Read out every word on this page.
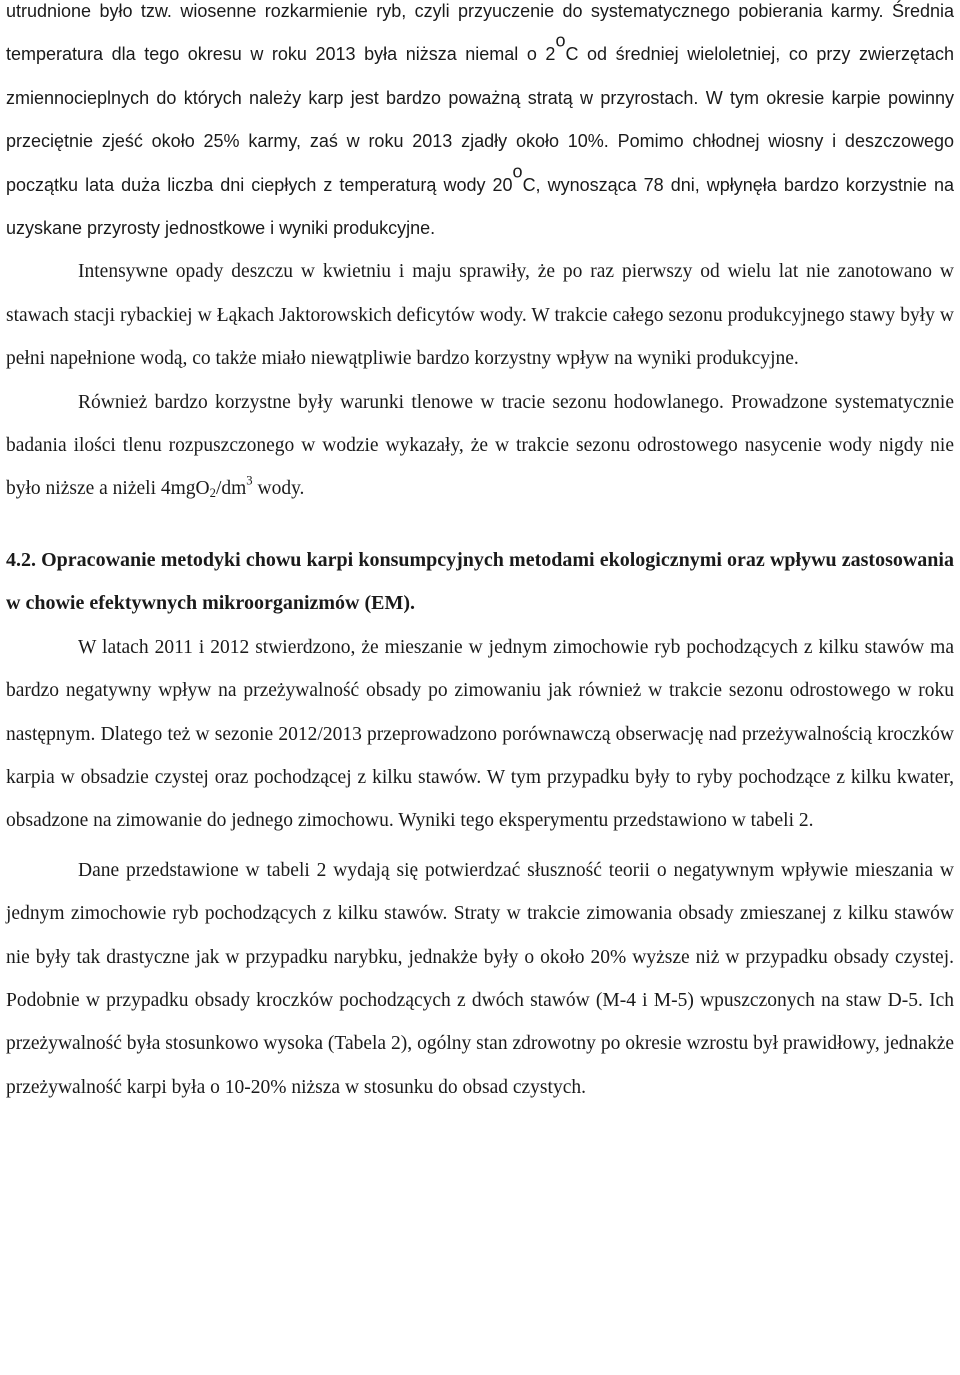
utrudnione było tzw. wiosenne rozkarmienie ryb, czyli przyuczenie do systematycznego pobierania karmy. Średnia temperatura dla tego okresu w roku 2013 była niższa niemal o 2$^o$C od średniej wieloletniej, co przy zwierzętach zmiennocieplnych do których należy karp jest bardzo poważną stratą w przyrostach. W tym okresie karpie powinny przeciętnie zjeść około 25% karmy, zaś w roku 2013 zjadły około 10%. Pomimo chłodnej wiosny i deszczowego początku lata duża liczba dni ciepłych z temperaturą wody 20$^o$C, wynosząca 78 dni, wpłynęła bardzo korzystnie na uzyskane przyrosty jednostkowe i wyniki produkcyjne.

Intensywne opady deszczu w kwietniu i maju sprawiły, że po raz pierwszy od wielu lat nie zanotowano w stawach stacji rybackiej w Łąkach Jaktorowskich deficytów wody. W trakcie całego sezonu produkcyjnego stawy były w pełni napełnione wodą, co także miało niewątpliwie bardzo korzystny wpływ na wyniki produkcyjne.

Również bardzo korzystne były warunki tlenowe w tracie sezonu hodowlanego. Prowadzone systematycznie badania ilości tlenu rozpuszczonego w wodzie wykazały, że w trakcie sezonu odrostowego nasycenie wody nigdy nie było niższe a niżeli $4mgO_2/dm^3$ wody.

4.2. Opracowanie metodyki chowu karpi konsumpcyjnych metodami ekologicznymi oraz wpływu zastosowania w chowie efektywnych mikroorganizmów (EM).

W latach 2011 i 2012 stwierdzono, że mieszanie w jednym zimochowie ryb pochodzących z kilku stawów ma bardzo negatywny wpływ na przeżywalność obsady po zimowaniu jak również w trakcie sezonu odrostowego w roku następnym. Dlatego też w sezonie 2012/2013 przeprowadzono porównawczą obserwację nad przeżywalnością kroczków karpia w obsadzie czystej oraz pochodzącej z kilku stawów. W tym przypadku były to ryby pochodzące z kilku kwater, obsadzone na zimowanie do jednego zimochowu. Wyniki tego eksperymentu przedstawiono w tabeli 2.

Dane przedstawione w tabeli 2 wydają się potwierdzać słuszność teorii o negatywnym wpływie mieszania w jednym zimochowie ryb pochodzących z kilku stawów. Straty w trakcie zimowania obsady zmieszanej z kilku stawów nie były tak drastyczne jak w przypadku narybku, jednakże były o około 20% wyższe niż w przypadku obsady czystej. Podobnie w przypadku obsady kroczków pochodzących z dwóch stawów (M-4 i M-5) wpuszczonych na staw D-5. Ich przeżywalność była stosunkowo wysoka (Tabela 2), ogólny stan zdrowotny po okresie wzrostu był prawidłowy, jednakże przeżywalność karpi była o 10-20% niższa w stosunku do obsad czystych.
